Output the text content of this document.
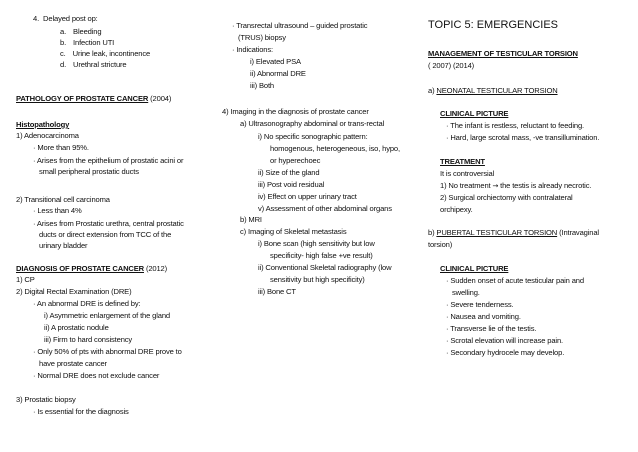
4. Delayed post op:
a. Bleeding
b. Infection UTI
c. Urine leak, incontinence
d. Urethral stricture
PATHOLOGY OF PROSTATE CANCER (2004)
Histopathology
1) Adenocarcinoma
· More than 95%.
· Arises from the epithelium of prostatic acini or
small peripheral prostatic ducts
2) Transitional cell carcinoma
· Less than 4%
· Arises from Prostatic urethra, central prostatic
ducts or direct extension from TCC of the
urinary bladder
DIAGNOSIS OF PROSTATE CANCER (2012)
1) CP
2) Digital Rectal Examination (DRE)
· An abnormal DRE is defined by:
i) Asymmetric enlargement of the gland
ii) A prostatic nodule
iii) Firm to hard consistency
· Only 50% of pts with abnormal DRE prove to
have prostate cancer
· Normal DRE does not exclude cancer
3) Prostatic biopsy
· Is essential for the diagnosis
· Transrectal ultrasound – guided prostatic
(TRUS) biopsy
· Indications:
i) Elevated PSA
ii) Abnormal DRE
iii) Both
4) Imaging in the diagnosis of prostate cancer
a) Ultrasonography abdominal or trans-rectal
i) No specific sonographic pattern:
homogenous, heterogeneous, iso, hypo,
or hyperechoec
ii) Size of the gland
iii) Post void residual
iv) Effect on upper urinary tract
v) Assessment of other abdominal organs
b) MRI
c) Imaging of Skeletal metastasis
i) Bone scan (high sensitivity but low
specificity- high false +ve result)
ii) Conventional Skeletal radiography (low
sensitivity but high specificity)
iii) Bone CT
TOPIC 5: EMERGENCIES
MANAGEMENT OF TESTICULAR TORSION
( 2007) (2014)
a) NEONATAL TESTICULAR TORSION
CLINICAL PICTURE
· The infant is restless, reluctant to feeding.
· Hard, large scrotal mass, -ve transillumination.
TREATMENT
It is controversial
1) No treatment → the testis is already necrotic.
2) Surgical orchiectomy with contralateral
orchipexy.
b) PUBERTAL TESTICULAR TORSION (Intravaginal
torsion)
CLINICAL PICTURE
· Sudden onset of acute testicular pain and
swelling.
· Severe tenderness.
· Nausea and vomiting.
· Transverse lie of the testis.
· Scrotal elevation will increase pain.
· Secondary hydrocele may develop.
